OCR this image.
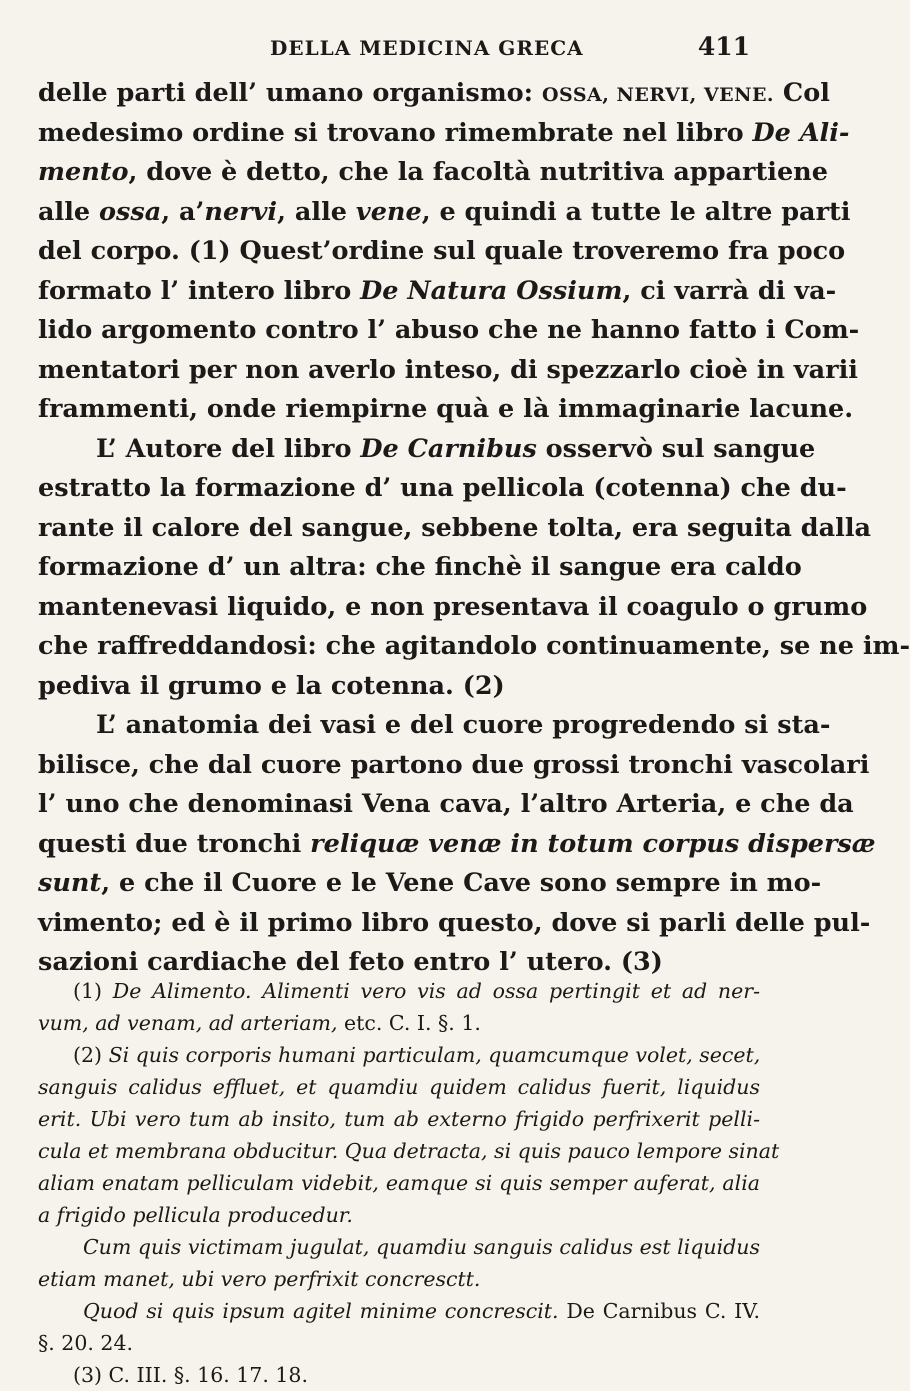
DELLA MEDICINA GRECA	411
delle parti dell’ umano organismo: OSSA, NERVI, VENE. Col
medesimo ordine si trovano rimembrate nel libro De Ali-
mento, dove è detto, che la facoltà nutritiva appartiene
alle ossa, a’nervi, alle vene, e quindi a tutte le altre parti
del corpo. (1) Quest’ordine sul quale troveremo fra poco
formato l’ intero libro De Natura Ossium, ci varrà di va-
lido argomento contro l’ abuso che ne hanno fatto i Com-
mentatori per non averlo inteso, di spezzarlo cioè in varii
frammenti, onde riempirne quà e là immaginarie lacune.
L’ Autore del libro De Carnibus osservò sul sangue
estratto la formazione d’ una pellicola (cotenna) che du-
rante il calore del sangue, sebbene tolta, era seguita dalla
formazione d’ un altra: che finchè il sangue era caldo
mantenevasi liquido, e non presentava il coagulo o grumo
che raffreddandosi: che agitandolo continuamente, se ne im-
pediva il grumo e la cotenna. (2)
L’ anatomia dei vasi e del cuore progredendo si sta-
bilisce, che dal cuore partono due grossi tronchi vascolari
l’ uno che denominasi Vena cava, l’altro Arteria, e che da
questi due tronchi reliquæ venæ in totum corpus dispersæ
sunt, e che il Cuore e le Vene Cave sono sempre in mo-
vimento; ed è il primo libro questo, dove si parli delle pul-
sazioni cardiache del feto entro l’ utero. (3)
(1) De Alimento. Alimenti vero vis ad ossa pertingit et ad ner-
vum, ad venam, ad arteriam, etc. C. I. §. 1.
(2) Si quis corporis humani particulam, quamcumque volet, secet,
sanguis calidus effluet, et quamdiu quidem calidus fuerit, liquidus
erit. Ubi vero tum ab insito, tum ab externo frigido perfrixerit pelli-
cula et membrana obducitur. Qua detracta, si quis pauco lempore sinat
aliam enatam pelliculam videbit, eamque si quis semper auferat, alia
a frigido pellicula producedur.
Cum quis victimam jugulat, quamdiu sanguis calidus est liquidus
etiam manet, ubi vero perfrixit concresctt.
Quod si quis ipsum agitel minime concrescit. De Carnibus C. IV.
§. 20. 24.
(3) C. III. §. 16. 17. 18.
